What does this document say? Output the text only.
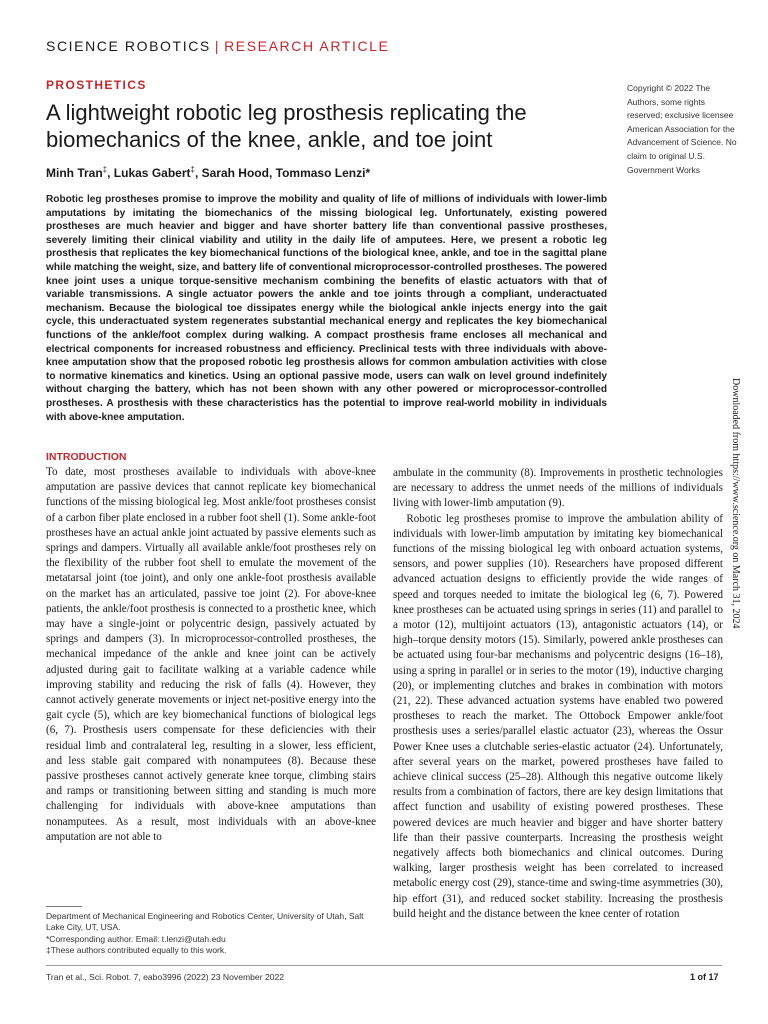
SCIENCE ROBOTICS | RESEARCH ARTICLE
PROSTHETICS
A lightweight robotic leg prosthesis replicating the biomechanics of the knee, ankle, and toe joint
Minh Tran‡, Lukas Gabert‡, Sarah Hood, Tommaso Lenzi*
Copyright © 2022 The Authors, some rights reserved; exclusive licensee American Association for the Advancement of Science. No claim to original U.S. Government Works
Robotic leg prostheses promise to improve the mobility and quality of life of millions of individuals with lower-limb amputations by imitating the biomechanics of the missing biological leg. Unfortunately, existing powered prostheses are much heavier and bigger and have shorter battery life than conventional passive prostheses, severely limiting their clinical viability and utility in the daily life of amputees. Here, we present a robotic leg prosthesis that replicates the key biomechanical functions of the biological knee, ankle, and toe in the sagittal plane while matching the weight, size, and battery life of conventional microprocessor-controlled prostheses. The powered knee joint uses a unique torque-sensitive mechanism combining the benefits of elastic actuators with that of variable transmissions. A single actuator powers the ankle and toe joints through a compliant, underactuated mechanism. Because the biological toe dissipates energy while the biological ankle injects energy into the gait cycle, this underactuated system regenerates substantial mechanical energy and replicates the key biomechanical functions of the ankle/foot complex during walking. A compact prosthesis frame encloses all mechanical and electrical components for increased robustness and efficiency. Preclinical tests with three individuals with above-knee amputation show that the proposed robotic leg prosthesis allows for common ambulation activities with close to normative kinematics and kinetics. Using an optional passive mode, users can walk on level ground indefinitely without charging the battery, which has not been shown with any other powered or microprocessor-controlled prostheses. A prosthesis with these characteristics has the potential to improve real-world mobility in individuals with above-knee amputation.	Downloaded from https://www.science.org on March 31, 2024
INTRODUCTION

To date, most prostheses available to individuals with above-knee amputation are passive devices that cannot replicate key biomechanical functions of the missing biological leg. Most ankle/foot prostheses consist of a carbon fiber plate enclosed in a rubber foot shell (1). Some ankle-foot prostheses have an actual ankle joint actuated by passive elements such as springs and dampers. Virtually all available ankle/foot prostheses rely on the flexibility of the rubber foot shell to emulate the movement of the metatarsal joint (toe joint), and only one ankle-foot prosthesis available on the market has an articulated, passive toe joint (2). For above-knee patients, the ankle/foot prosthesis is connected to a prosthetic knee, which may have a single-joint or polycentric design, passively actuated by springs and dampers (3). In microprocessor-controlled prostheses, the mechanical impedance of the ankle and knee joint can be actively adjusted during gait to facilitate walking at a variable cadence while improving stability and reducing the risk of falls (4). However, they cannot actively generate movements or inject net-positive energy into the gait cycle (5), which are key biomechanical functions of biological legs (6, 7). Prosthesis users compensate for these deficiencies with their residual limb and contralateral leg, resulting in a slower, less efficient, and less stable gait compared with nonamputees (8). Because these passive prostheses cannot actively generate knee torque, climbing stairs and ramps or transitioning between sitting and standing is much more challenging for individuals with above-knee amputations than nonamputees. As a result, most individuals with an above-knee amputation are not able to

ambulate in the community (8). Improvements in prosthetic technologies are necessary to address the unmet needs of the millions of individuals living with lower-limb amputation (9).

Robotic leg prostheses promise to improve the ambulation ability of individuals with lower-limb amputation by imitating key biomechanical functions of the missing biological leg with onboard actuation systems, sensors, and power supplies (10). Researchers have proposed different advanced actuation designs to efficiently provide the wide ranges of speed and torques needed to imitate the biological leg (6, 7). Powered knee prostheses can be actuated using springs in series (11) and parallel to a motor (12), multijoint actuators (13), antagonistic actuators (14), or high–torque density motors (15). Similarly, powered ankle prostheses can be actuated using four-bar mechanisms and polycentric designs (16–18), using a spring in parallel or in series to the motor (19), inductive charging (20), or implementing clutches and brakes in combination with motors (21, 22). These advanced actuation systems have enabled two powered prostheses to reach the market. The Ottobock Empower ankle/foot prosthesis uses a series/parallel elastic actuator (23), whereas the Ossur Power Knee uses a clutchable series-elastic actuator (24). Unfortunately, after several years on the market, powered prostheses have failed to achieve clinical success (25–28). Although this negative outcome likely results from a combination of factors, there are key design limitations that affect function and usability of existing powered prostheses. These powered devices are much heavier and bigger and have shorter battery life than their passive counterparts. Increasing the prosthesis weight negatively affects both biomechanics and clinical outcomes. During walking, larger prosthesis weight has been correlated to increased metabolic energy cost (29), stance-time and swing-time asymmetries (30), hip effort (31), and reduced socket stability. Increasing the prosthesis build height and the distance between the knee center of rotation

Department of Mechanical Engineering and Robotics Center, University of Utah, Salt Lake City, UT, USA.
*Corresponding author. Email: t.lenzi@utah.edu
‡These authors contributed equally to this work.
Tran et al., Sci. Robot. 7, eabo3996 (2022) 23 November 2022	1 of 17
